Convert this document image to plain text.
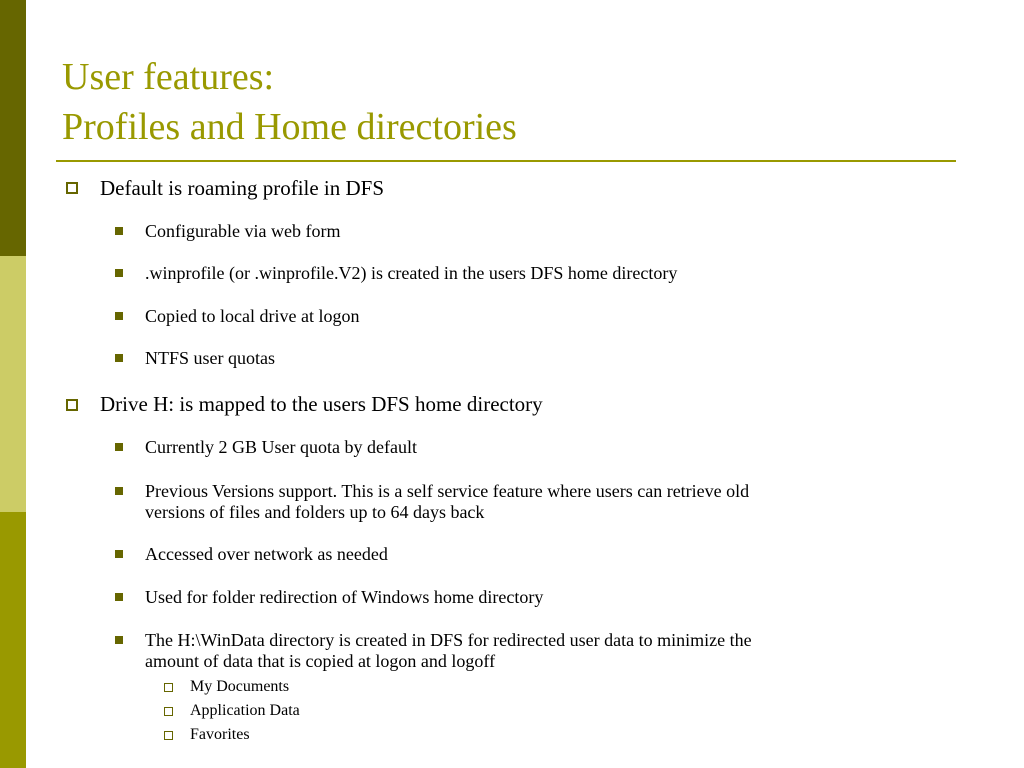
User features:
Profiles and Home directories
Default is roaming profile in DFS
Configurable via web form
.winprofile (or .winprofile.V2) is created in the users DFS home directory
Copied to local drive at logon
NTFS user quotas
Drive H: is mapped to the users DFS home directory
Currently 2 GB User quota by default
Previous Versions support. This is a self service feature where users can retrieve old
versions of files and folders up to 64 days back
Accessed over network as needed
Used for folder redirection of Windows home directory
The H:\WinData directory is created in DFS for redirected user data to minimize the
amount of data that is copied at logon and logoff
My Documents
Application Data
Favorites
